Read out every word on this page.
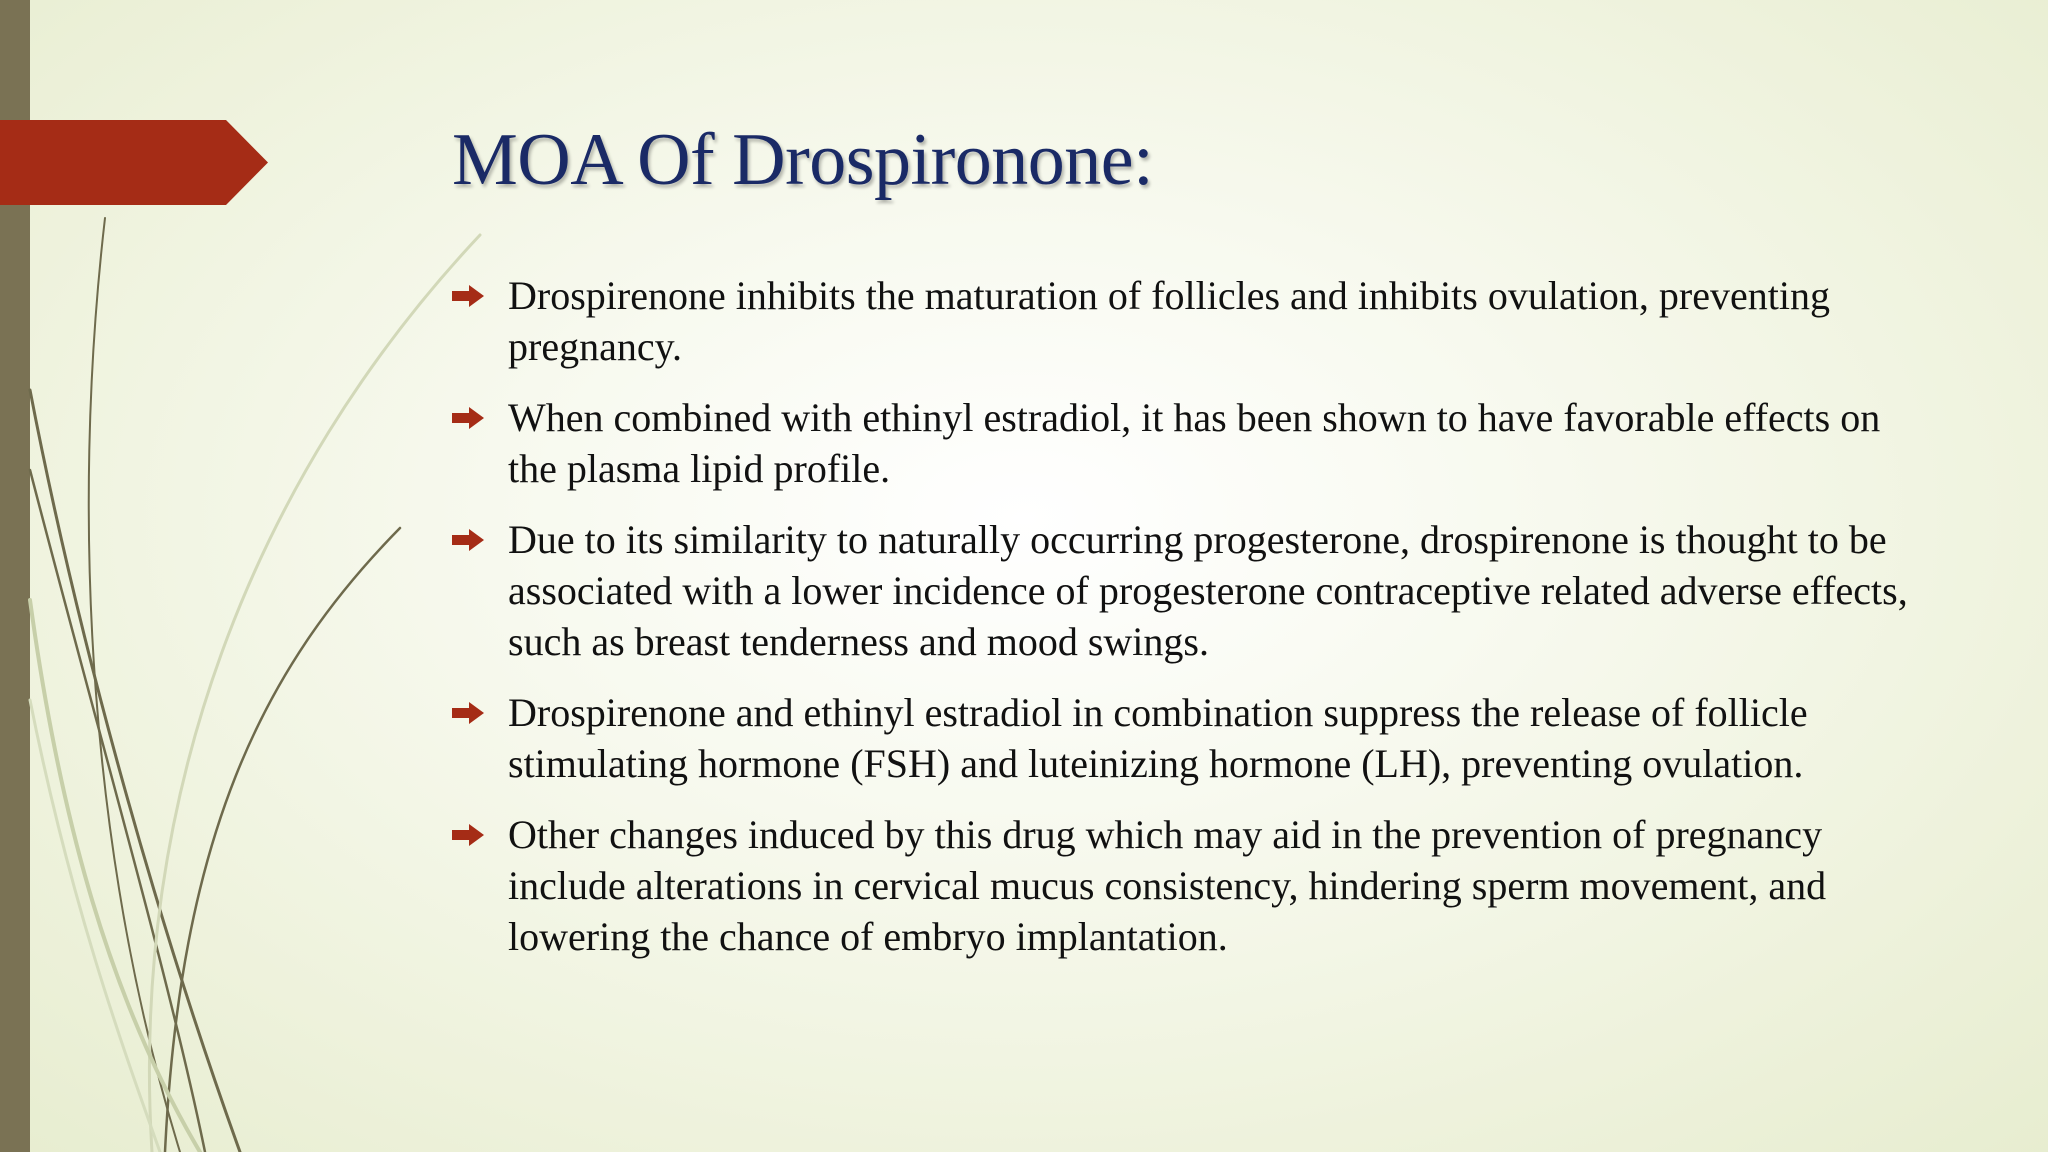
MOA Of Drospironone:
Drospirenone inhibits the maturation of follicles and inhibits ovulation, preventing pregnancy.
When combined with ethinyl estradiol, it has been shown to have favorable effects on the plasma lipid profile.
Due to its similarity to naturally occurring progesterone, drospirenone is thought to be associated with a lower incidence of progesterone contraceptive related adverse effects, such as breast tenderness and mood swings.
Drospirenone and ethinyl estradiol in combination suppress the release of follicle stimulating hormone (FSH) and luteinizing hormone (LH), preventing ovulation.
Other changes induced by this drug which may aid in the prevention of pregnancy include alterations in cervical mucus consistency, hindering sperm movement, and lowering the chance of embryo implantation.
